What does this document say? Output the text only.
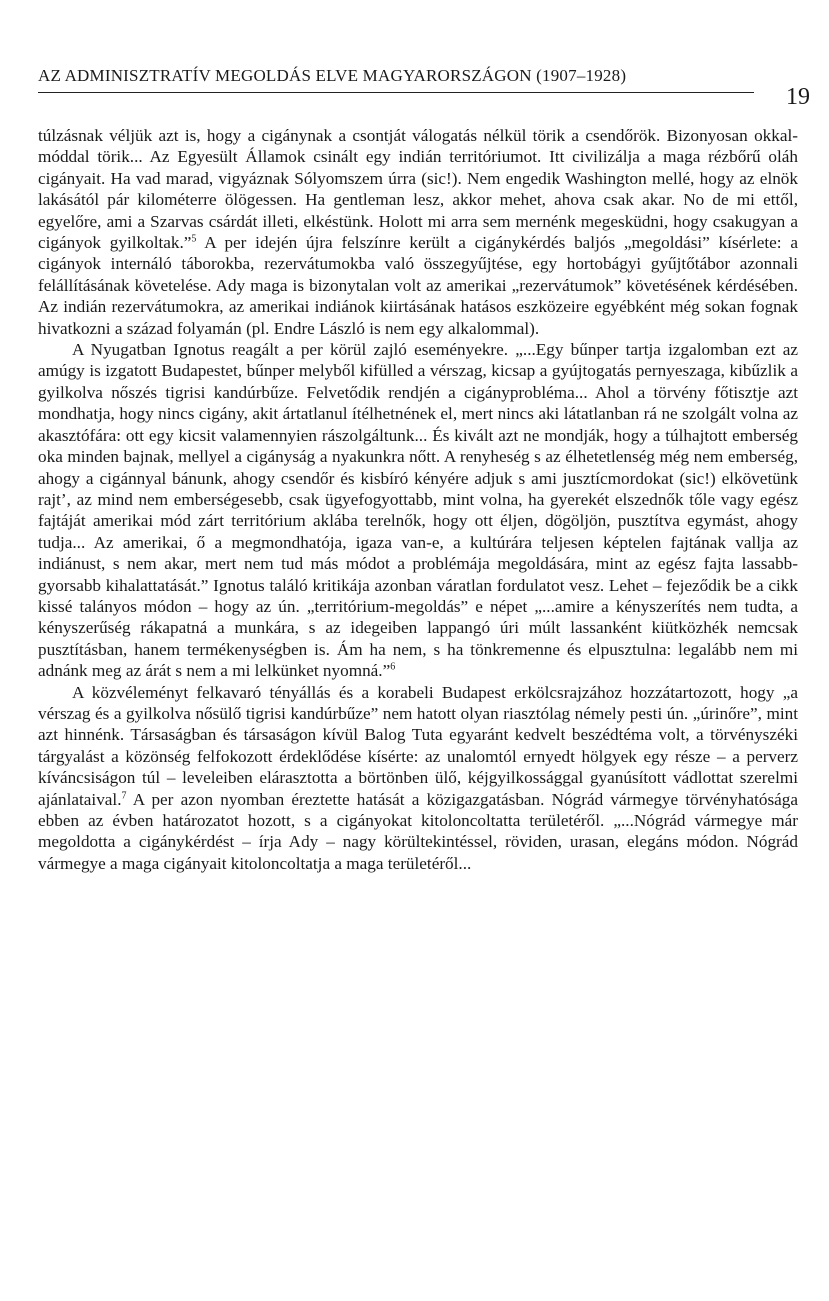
AZ ADMINISZTRATÍV MEGOLDÁS ELVE MAGYARORSZÁGON (1907–1928)
19

túlzásnak véljük azt is, hogy a cigánynak a csontját válogatás nélkül törik a csendőrök. Bizonyosan okkal-móddal törik... Az Egyesült Államok csinált egy indián territóriumot. Itt civilizálja a maga rézbőrű oláh cigányait. Ha vad marad, vigyáznak Sólyomszem úrra (sic!). Nem engedik Washington mellé, hogy az elnök lakásától pár kilométerre ölögessen. Ha gentleman lesz, akkor mehet, ahova csak akar. No de mi ettől, egyelőre, ami a Szarvas csárdát illeti, elkéstünk. Holott mi arra sem mernénk megesküdni, hogy csakugyan a cigányok gyilkoltak.”$^5$ A per idején újra felszínre került a cigánykérdés baljós „megoldási” kísérlete: a cigányok internáló táborokba, rezervátumokba való összegyűjtése, egy hortobágyi gyűjtőtábor azonnali felállításának követelése. Ady maga is bizonytalan volt az amerikai „rezervátumok” követésének kérdésében. Az indián rezervátumokra, az amerikai indiánok kiirtásának hatásos eszközeire egyébként még sokan fognak hivatkozni a század folyamán (pl. Endre László is nem egy alkalommal).

A Nyugatban Ignotus reagált a per körül zajló eseményekre. „...Egy bűnper tartja izgalomban ezt az amúgy is izgatott Budapestet, bűnper melyből kifülled a vérszag, kicsap a gyújtogatás pernyeszaga, kibűzlik a gyilkolva nőszés tigrisi kandúrbűze. Felvetődik rendjén a cigányprobléma... Ahol a törvény főtisztje azt mondhatja, hogy nincs cigány, akit ártatlanul ítélhetnének el, mert nincs aki látatlanban rá ne szolgált volna az akasztófára: ott egy kicsit valamennyien rászolgáltunk... És kivált azt ne mondják, hogy a túlhajtott emberség oka minden bajnak, mellyel a cigányság a nyakunkra nőtt. A renyheség s az élhetetlenség még nem emberség, ahogy a cigánnyal bánunk, ahogy csendőr és kisbíró kényére adjuk s ami jusztícmordokat (sic!) elkövetünk rajt’, az mind nem emberségesebb, csak ügyefogyottabb, mint volna, ha gyerekét elszednők tőle vagy egész fajtáját amerikai mód zárt territórium aklába terelnők, hogy ott éljen, dögöljön, pusztítva egymást, ahogy tudja... Az amerikai, ő a megmondhatója, igaza van-e, a kultúrára teljesen képtelen fajtának vallja az indiánust, s nem akar, mert nem tud más módot a problémája megoldására, mint az egész fajta lassabb-gyorsabb kihalattatását.” Ignotus találó kritikája azonban váratlan fordulatot vesz. Lehet – fejeződik be a cikk kissé talányos módon – hogy az ún. „territórium-megoldás” e népet „...amire a kényszerítés nem tudta, a kényszerűség rákapatná a munkára, s az idegeiben lappangó úri múlt lassanként kiütközhék nemcsak pusztításban, hanem termékenységben is. Ám ha nem, s ha tönkremenne és elpusztulna: legalább nem mi adnánk meg az árát s nem a mi lelkünket nyomná.”$^6$

A közvéleményt felkavaró tényállás és a korabeli Budapest erkölcsrajzához hozzátartozott, hogy „a vérszag és a gyilkolva nősülő tigrisi kandúrbűze” nem hatott olyan riasztólag némely pesti ún. „úrinőre”, mint azt hinnénk. Társaságban és társaságon kívül Balog Tuta egyaránt kedvelt beszédtéma volt, a törvényszéki tárgyalást a közönség felfokozott érdeklődése kísérte: az unalomtól ernyedt hölgyek egy része – a perverz kíváncsiságon túl – leveleiben elárasztotta a börtönben ülő, kéjgyilkossággal gyanúsított vádlottat szerelmi ajánlataival.$^7$ A per azon nyomban éreztette hatását a közigazgatásban. Nógrád vármegye törvényhatósága ebben az évben határozatot hozott, s a cigányokat kitoloncoltatta területéről. „...Nógrád vármegye már megoldotta a cigánykérdést – írja Ady – nagy körültekintéssel, röviden, urasan, elegáns módon. Nógrád vármegye a maga cigányait kitoloncoltatja a maga területéről...
